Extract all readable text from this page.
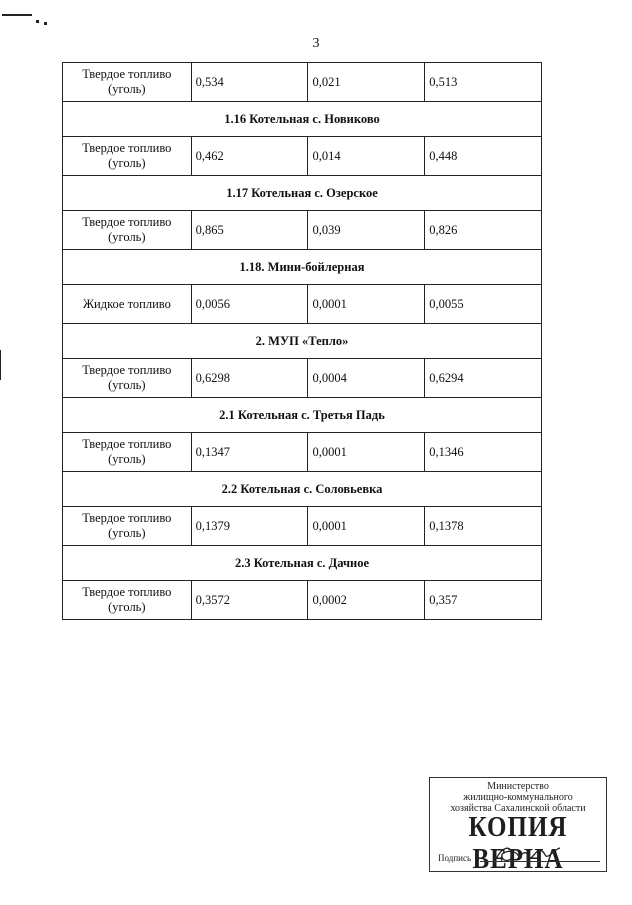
3
Твердое топливо
(уголь)	0,534	0,021	0,513
1.16 Котельная с. Новиково			

Твердое топливо
(уголь)	0,462	0,014	0,448
1.17 Котельная с. Озерское			

Твердое топливо
(уголь)	0,865	0,039	0,826
1.18. Мини-бойлерная			

Жидкое топливо	0,0056	0,0001	0,0055
2. МУП «Тепло»			

Твердое топливо
(уголь)	0,6298	0,0004	0,6294
2.1 Котельная с. Третья Падь			

Твердое топливо
(уголь)	0,1347	0,0001	0,1346
2.2 Котельная с. Соловьевка			

Твердое топливо
(уголь)	0,1379	0,0001	0,1378
2.3 Котельная с. Дачное			

Твердое топливо
(уголь)	0,3572	0,0002	0,357
Министерство
жилищно-коммунального
хозяйства Сахалинской области
КОПИЯ ВЕРНА
Подпись
